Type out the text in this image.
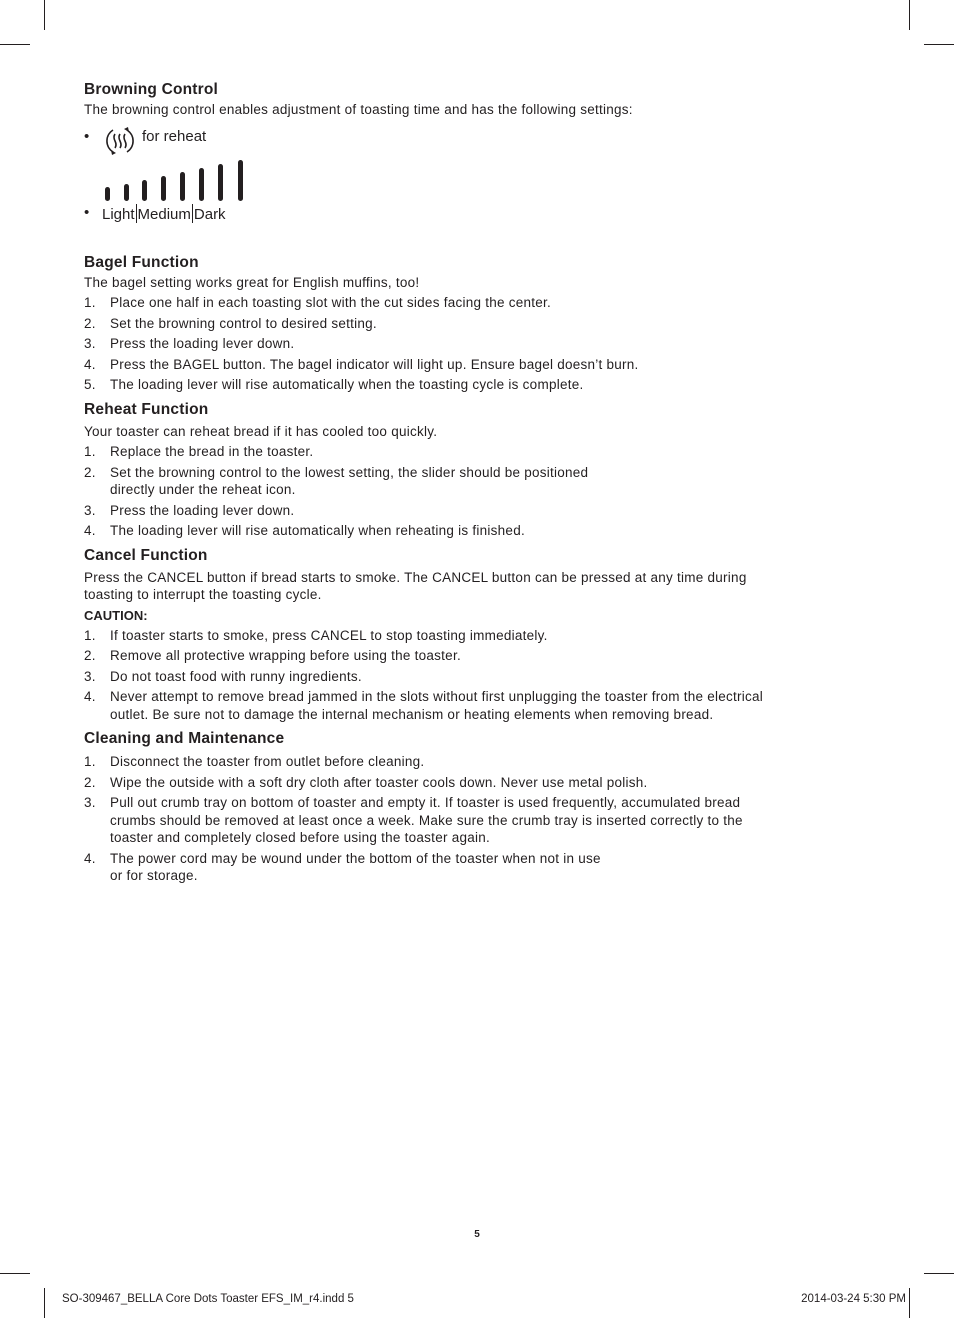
Browning Control

The browning control enables adjustment of toasting time and has the following settings:

•	for reheat
• Light Medium Dark
Bagel Function

The bagel setting works great for English muffins, too!

1. Place one half in each toasting slot with the cut sides facing the center.
2. Set the browning control to desired setting.
3. Press the loading lever down.
4. Press the BAGEL button. The bagel indicator will light up. Ensure bagel doesn’t burn.
5. The loading lever will rise automatically when the toasting cycle is complete.
Reheat Function

Your toaster can reheat bread if it has cooled too quickly.

1. Replace the bread in the toaster.
2. Set the browning control to the lowest setting, the slider should be positioned
directly under the reheat icon.
3. Press the loading lever down.
4. The loading lever will rise automatically when reheating is finished.
Cancel Function

Press the CANCEL button if bread starts to smoke. The CANCEL button can be pressed at any time during
toasting to interrupt the toasting cycle.

CAUTION:
1. If toaster starts to smoke, press CANCEL to stop toasting immediately.
2. Remove all protective wrapping before using the toaster.
3. Do not toast food with runny ingredients.
4. Never attempt to remove bread jammed in the slots without first unplugging the toaster from the electrical
outlet. Be sure not to damage the internal mechanism or heating elements when removing bread.
Cleaning and Maintenance
1. Disconnect the toaster from outlet before cleaning.
2. Wipe the outside with a soft dry cloth after toaster cools down. Never use metal polish.
3. Pull out crumb tray on bottom of toaster and empty it. If toaster is used frequently, accumulated bread
crumbs should be removed at least once a week. Make sure the crumb tray is inserted correctly to the
toaster and completely closed before using the toaster again.
4. The power cord may be wound under the bottom of the toaster when not in use
or for storage.
5
SO-309467_BELLA Core Dots Toaster EFS_IM_r4.indd 5	2014-03-24 5:30 PM
